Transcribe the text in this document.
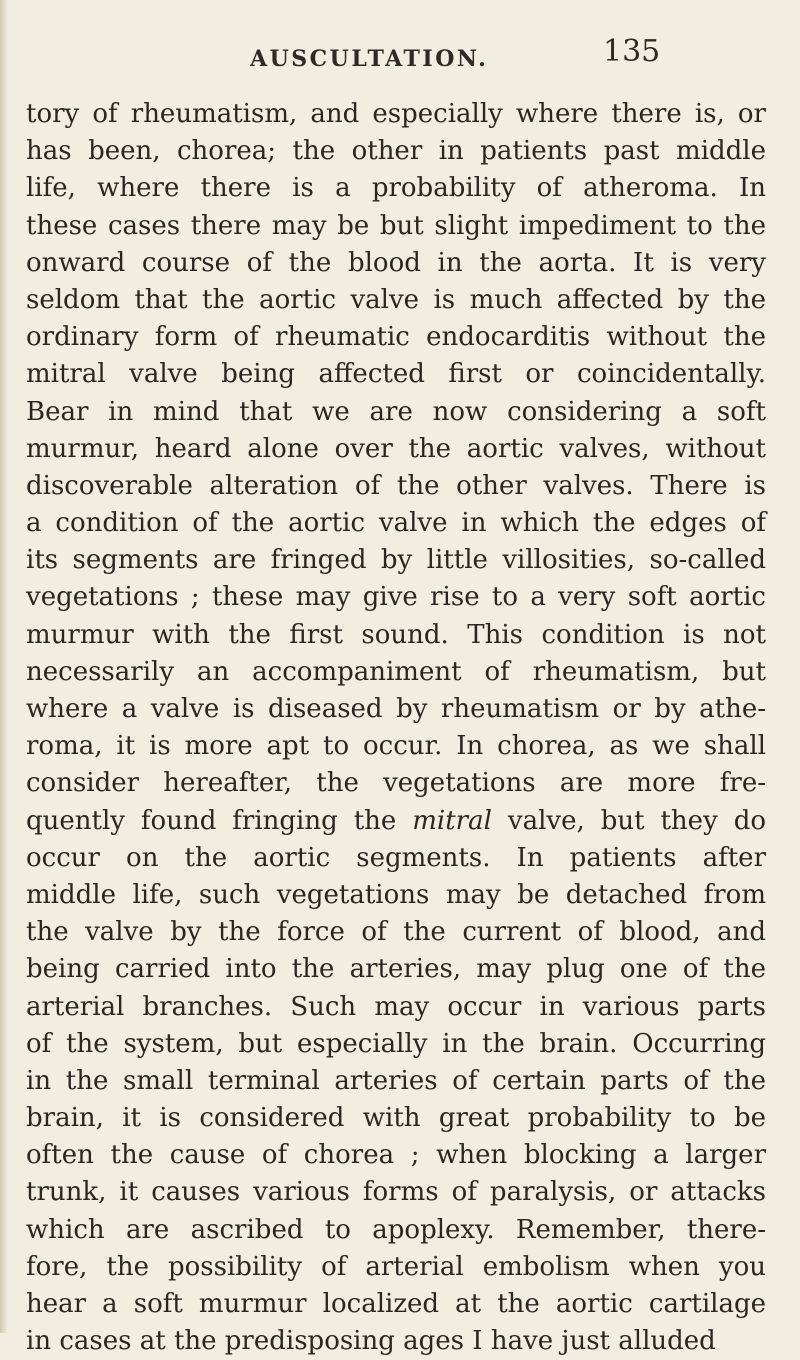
AUSCULTATION.	135
tory of rheumatism, and especially where there is, or
has been, chorea; the other in patients past middle
life, where there is a probability of atheroma. In
these cases there may be but slight impediment to the
onward course of the blood in the aorta. It is very
seldom that the aortic valve is much affected by the
ordinary form of rheumatic endocarditis without the
mitral valve being affected first or coincidentally.
Bear in mind that we are now considering a soft
murmur, heard alone over the aortic valves, without
discoverable alteration of the other valves. There is
a condition of the aortic valve in which the edges of
its segments are fringed by little villosities, so-called
vegetations ; these may give rise to a very soft aortic
murmur with the first sound. This condition is not
necessarily an accompaniment of rheumatism, but
where a valve is diseased by rheumatism or by athe-
roma, it is more apt to occur. In chorea, as we shall
consider hereafter, the vegetations are more fre-
quently found fringing the mitral valve, but they do
occur on the aortic segments. In patients after
middle life, such vegetations may be detached from
the valve by the force of the current of blood, and
being carried into the arteries, may plug one of the
arterial branches. Such may occur in various parts
of the system, but especially in the brain. Occurring
in the small terminal arteries of certain parts of the
brain, it is considered with great probability to be
often the cause of chorea ; when blocking a larger
trunk, it causes various forms of paralysis, or attacks
which are ascribed to apoplexy. Remember, there-
fore, the possibility of arterial embolism when you
hear a soft murmur localized at the aortic cartilage
in cases at the predisposing ages I have just alluded
